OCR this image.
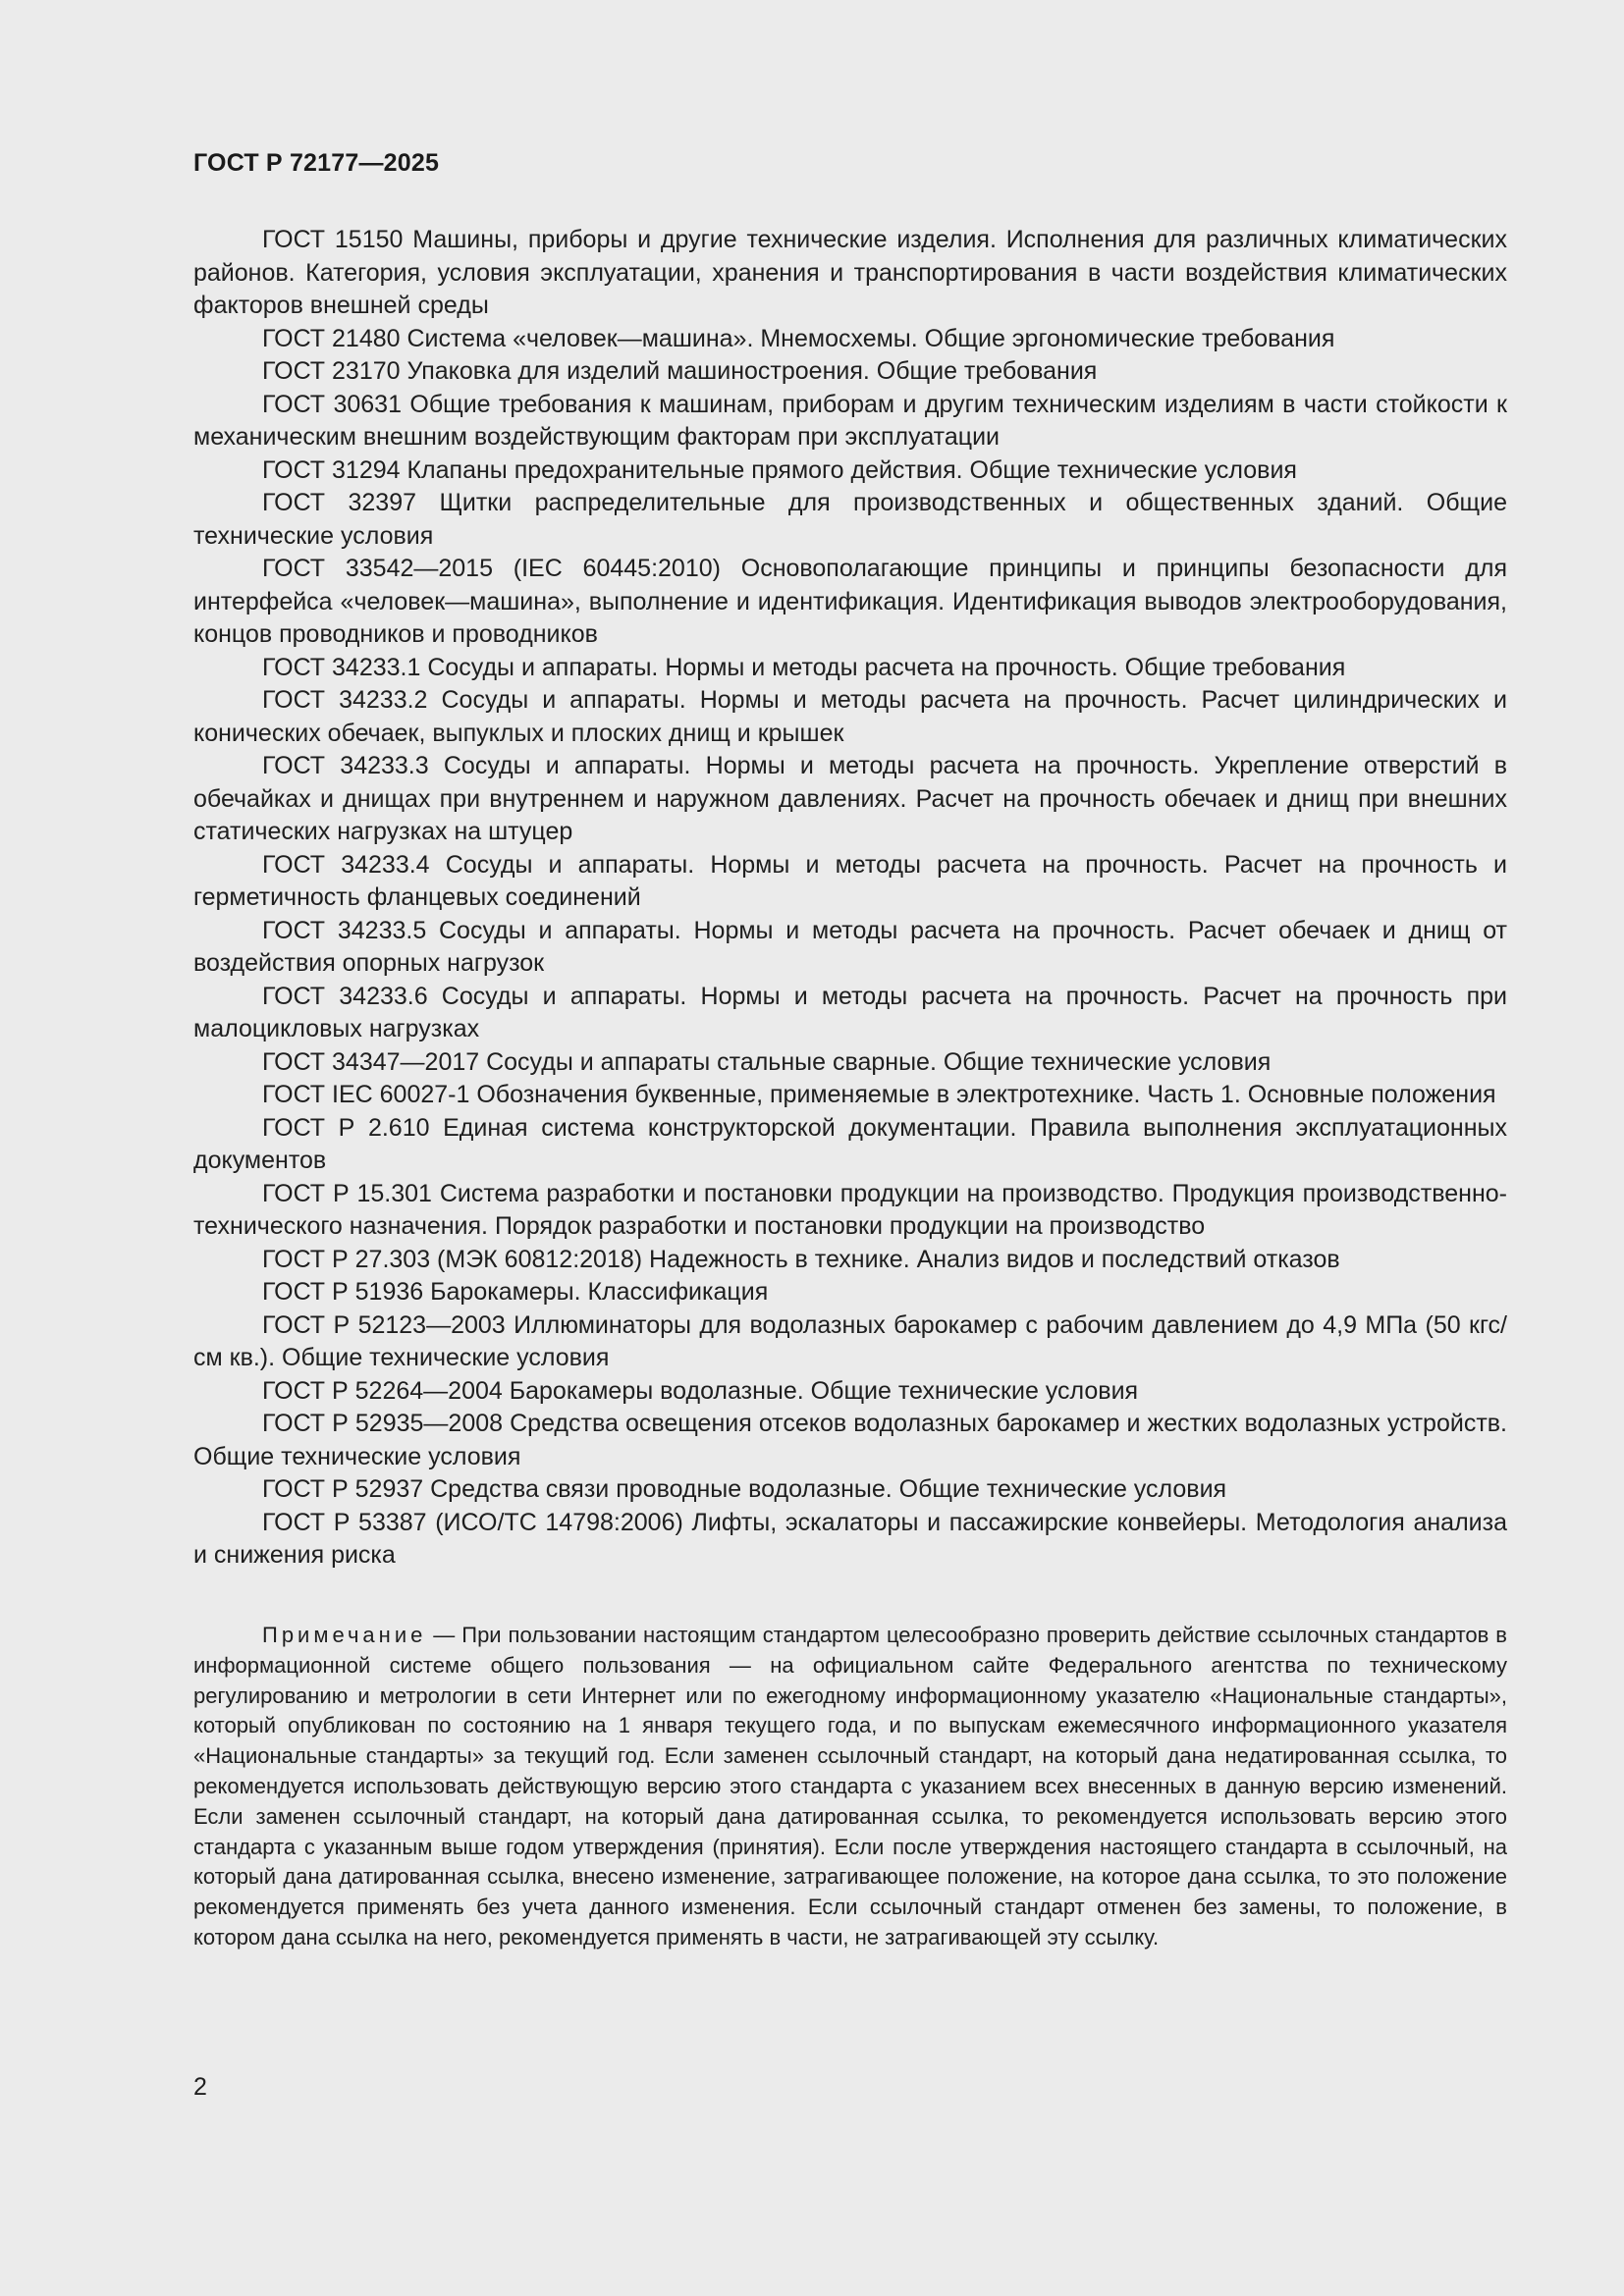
ГОСТ Р 72177—2025

ГОСТ 15150 Машины, приборы и другие технические изделия. Исполнения для различных климатических районов. Категория, условия эксплуатации, хранения и транспортирования в части воздействия климатических факторов внешней среды

ГОСТ 21480 Система «человек—машина». Мнемосхемы. Общие эргономические требования

ГОСТ 23170 Упаковка для изделий машиностроения. Общие требования

ГОСТ 30631 Общие требования к машинам, приборам и другим техническим изделиям в части стойкости к механическим внешним воздействующим факторам при эксплуатации

ГОСТ 31294 Клапаны предохранительные прямого действия. Общие технические условия

ГОСТ 32397 Щитки распределительные для производственных и общественных зданий. Общие технические условия

ГОСТ 33542—2015 (IEC 60445:2010) Основополагающие принципы и принципы безопасности для интерфейса «человек—машина», выполнение и идентификация. Идентификация выводов электрооборудования, концов проводников и проводников

ГОСТ 34233.1 Сосуды и аппараты. Нормы и методы расчета на прочность. Общие требования

ГОСТ 34233.2 Сосуды и аппараты. Нормы и методы расчета на прочность. Расчет цилиндрических и конических обечаек, выпуклых и плоских днищ и крышек

ГОСТ 34233.3 Сосуды и аппараты. Нормы и методы расчета на прочность. Укрепление отверстий в обечайках и днищах при внутреннем и наружном давлениях. Расчет на прочность обечаек и днищ при внешних статических нагрузках на штуцер

ГОСТ 34233.4 Сосуды и аппараты. Нормы и методы расчета на прочность. Расчет на прочность и герметичность фланцевых соединений

ГОСТ 34233.5 Сосуды и аппараты. Нормы и методы расчета на прочность. Расчет обечаек и днищ от воздействия опорных нагрузок

ГОСТ 34233.6 Сосуды и аппараты. Нормы и методы расчета на прочность. Расчет на прочность при малоцикловых нагрузках

ГОСТ 34347—2017 Сосуды и аппараты стальные сварные. Общие технические условия

ГОСТ IEC 60027-1 Обозначения буквенные, применяемые в электротехнике. Часть 1. Основные положения

ГОСТ Р 2.610 Единая система конструкторской документации. Правила выполнения эксплуатационных документов

ГОСТ Р 15.301 Система разработки и постановки продукции на производство. Продукция производственно-технического назначения. Порядок разработки и постановки продукции на производство

ГОСТ Р 27.303 (МЭК 60812:2018) Надежность в технике. Анализ видов и последствий отказов

ГОСТ Р 51936 Барокамеры. Классификация

ГОСТ Р 52123—2003 Иллюминаторы для водолазных барокамер с рабочим давлением до 4,9 МПа (50 кгс/см кв.). Общие технические условия

ГОСТ Р 52264—2004 Барокамеры водолазные. Общие технические условия

ГОСТ Р 52935—2008 Средства освещения отсеков водолазных барокамер и жестких водолазных устройств. Общие технические условия

ГОСТ Р 52937 Средства связи проводные водолазные. Общие технические условия

ГОСТ Р 53387 (ИСО/ТС 14798:2006) Лифты, эскалаторы и пассажирские конвейеры. Методология анализа и снижения риска

Примечание — При пользовании настоящим стандартом целесообразно проверить действие ссылочных стандартов в информационной системе общего пользования — на официальном сайте Федерального агентства по техническому регулированию и метрологии в сети Интернет или по ежегодному информационному указателю «Национальные стандарты», который опубликован по состоянию на 1 января текущего года, и по выпускам ежемесячного информационного указателя «Национальные стандарты» за текущий год. Если заменен ссылочный стандарт, на который дана недатированная ссылка, то рекомендуется использовать действующую версию этого стандарта с указанием всех внесенных в данную версию изменений. Если заменен ссылочный стандарт, на который дана датированная ссылка, то рекомендуется использовать версию этого стандарта с указанным выше годом утверждения (принятия). Если после утверждения настоящего стандарта в ссылочный, на который дана датированная ссылка, внесено изменение, затрагивающее положение, на которое дана ссылка, то это положение рекомендуется применять без учета данного изменения. Если ссылочный стандарт отменен без замены, то положение, в котором дана ссылка на него, рекомендуется применять в части, не затрагивающей эту ссылку.

2
